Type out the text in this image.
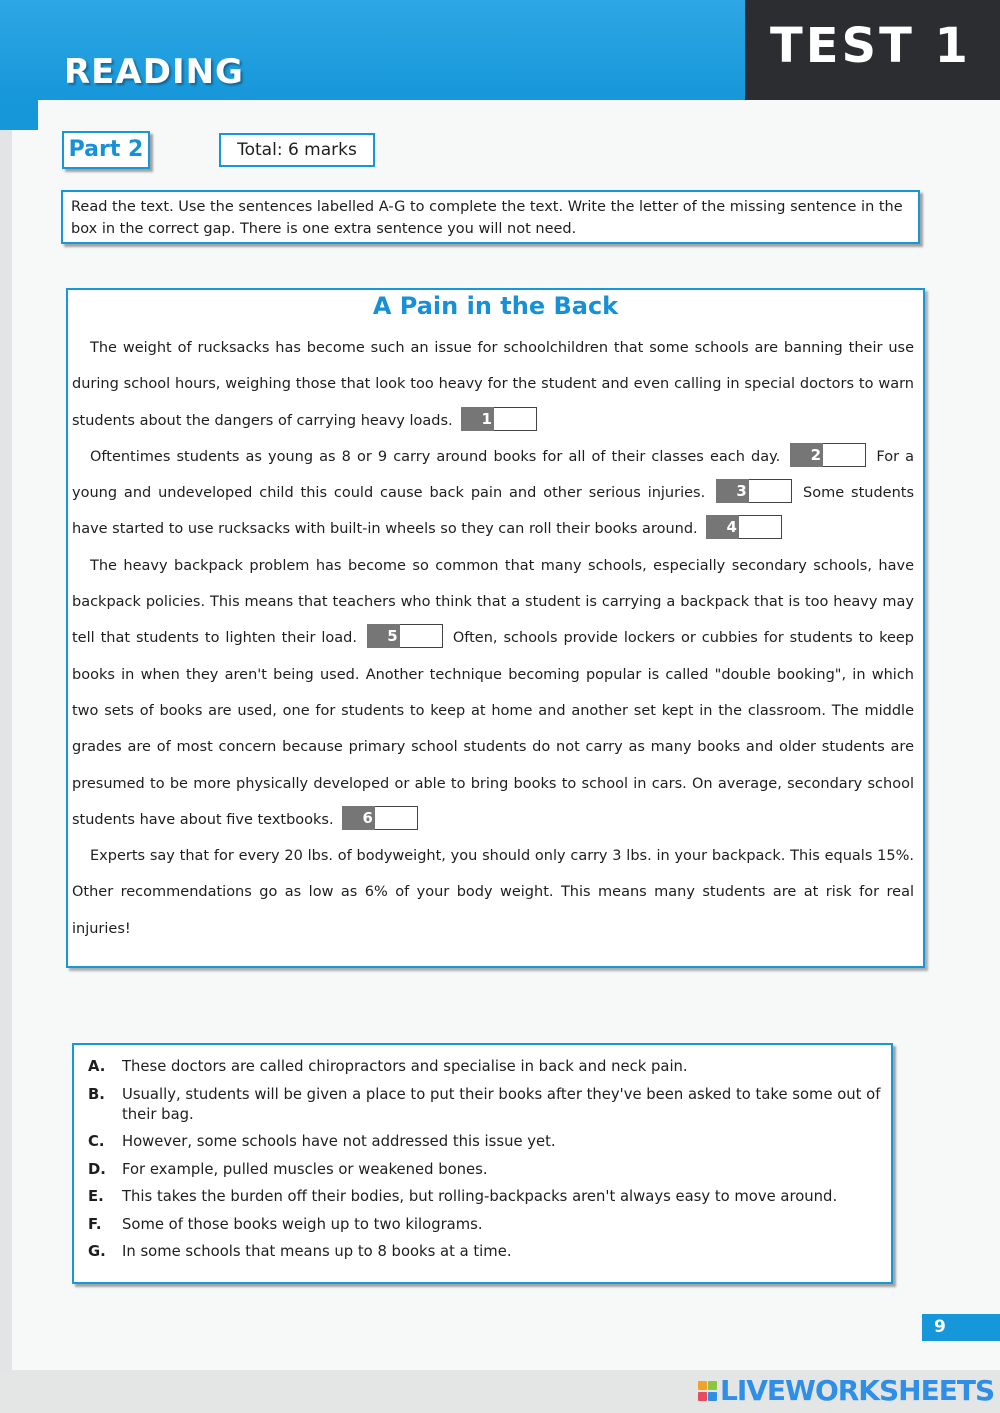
READING	TEST 1
Part 2	Total: 6 marks
Read the text. Use the sentences labelled A-G to complete the text. Write the letter of the missing sentence in the box in the correct gap. There is one extra sentence you will not need.
A Pain in the Back

The weight of rucksacks has become such an issue for schoolchildren that some schools are banning their use during school hours, weighing those that look too heavy for the student and even calling in special doctors to warn students about the dangers of carrying heavy loads.	1

Oftentimes students as young as 8 or 9 carry around books for all of their classes each day.	2	For a young and undeveloped child this could cause back pain and other serious injuries.	3	Some students have started to use rucksacks with built-in wheels so they can roll their books around.	4

The heavy backpack problem has become so common that many schools, especially secondary schools, have backpack policies. This means that teachers who think that a student is carrying a backpack that is too heavy may tell that students to lighten their load.	5	Often, schools provide lockers or cubbies for students to keep books in when they aren't being used. Another technique becoming popular is called "double booking", in which two sets of books are used, one for students to keep at home and another set kept in the classroom. The middle grades are of most concern because primary school students do not carry as many books and older students are presumed to be more physically developed or able to bring books to school in cars. On average, secondary school students have about five textbooks.	6

Experts say that for every 20 lbs. of bodyweight, you should only carry 3 lbs. in your backpack. This equals 15%. Other recommendations go as low as 6% of your body weight. This means many students are at risk for real injuries!

A.	These doctors are called chiropractors and specialise in back and neck pain.
B.	Usually, students will be given a place to put their books after they've been asked to take some out of their bag.
C.	However, some schools have not addressed this issue yet.
D.	For example, pulled muscles or weakened bones.
E.	This takes the burden off their bodies, but rolling-backpacks aren't always easy to move around.
F.	Some of those books weigh up to two kilograms.
G.	In some schools that means up to 8 books at a time.
9
LIVEWORKSHEETS
